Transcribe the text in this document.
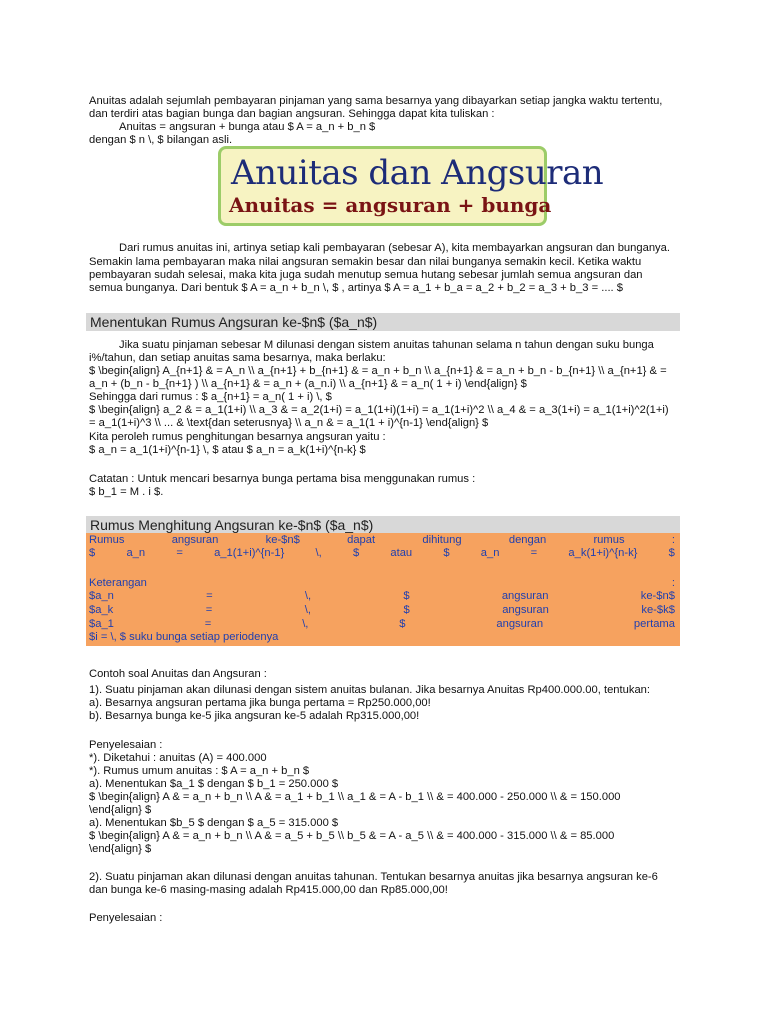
Anuitas adalah sejumlah pembayaran pinjaman yang sama besarnya yang dibayarkan setiap jangka waktu tertentu,
dan terdiri atas bagian bunga dan bagian angsuran. Sehingga dapat kita tuliskan :
Anuitas = angsuran + bunga atau $ A = a_n + b_n $
dengan $ n \, $ bilangan asli.
Anuitas dan Angsuran
Anuitas = angsuran + bunga
Dari rumus anuitas ini, artinya setiap kali pembayaran (sebesar A), kita membayarkan angsuran dan bunganya.
Semakin lama pembayaran maka nilai angsuran semakin besar dan nilai bunganya semakin kecil. Ketika waktu
pembayaran sudah selesai, maka kita juga sudah menutup semua hutang sebesar jumlah semua angsuran dan
semua bunganya. Dari bentuk $ A = a_n + b_n \, $ , artinya $ A = a_1 + b_a = a_2 + b_2 = a_3 + b_3 = .... $
Menentukan Rumus Angsuran ke-$n$ ($a_n$)
Jika suatu pinjaman sebesar M dilunasi dengan sistem anuitas tahunan selama n tahun dengan suku bunga
i%/tahun, dan setiap anuitas sama besarnya, maka berlaku:
$ \begin{align} A_{n+1} & = A_n \\ a_{n+1} + b_{n+1} & = a_n + b_n \\ a_{n+1} & = a_n + b_n - b_{n+1} \\ a_{n+1} & =
a_n + (b_n - b_{n+1} ) \\ a_{n+1} & = a_n + (a_n.i) \\ a_{n+1} & = a_n( 1 + i) \end{align} $
Sehingga dari rumus : $ a_{n+1} = a_n( 1 + i) \, $
$ \begin{align} a_2 & = a_1(1+i) \\ a_3 & = a_2(1+i) = a_1(1+i)(1+i) = a_1(1+i)^2 \\ a_4 & = a_3(1+i) = a_1(1+i)^2(1+i)
= a_1(1+i)^3 \\ ... & \text{dan seterusnya} \\ a_n & = a_1(1 + i)^{n-1} \end{align} $
Kita peroleh rumus penghitungan besarnya angsuran yaitu :
$ a_n = a_1(1+i)^{n-1} \, $ atau $ a_n = a_k(1+i)^{n-k} $
Catatan : Untuk mencari besarnya bunga pertama bisa menggunakan rumus :
$ b_1 = M . i $.
Rumus Menghitung Angsuran ke-$n$ ($a_n$)
Rumus	angsuran	ke-$n$	dapat	dihitung	dengan	rumus	:
$	a_n	=	a_1(1+i)^{n-1}	\,	$	atau	$	a_n	=	a_k(1+i)^{n-k}	$
Keterangan	:
$a_n	=	\,	$	angsuran	ke-$n$
$a_k	=	\,	$	angsuran	ke-$k$
$a_1	=	\,	$	angsuran	pertama
$i = \, $ suku bunga setiap periodenya
Contoh soal Anuitas dan Angsuran :
1). Suatu pinjaman akan dilunasi dengan sistem anuitas bulanan. Jika besarnya Anuitas Rp400.000.00, tentukan:
a). Besarnya angsuran pertama jika bunga pertama = Rp250.000,00!
b). Besarnya bunga ke-5 jika angsuran ke-5 adalah Rp315.000,00!
Penyelesaian :
*). Diketahui : anuitas (A) = 400.000
*). Rumus umum anuitas : $ A = a_n + b_n $
a). Menentukan $a_1 $ dengan $ b_1 = 250.000 $
$ \begin{align} A & = a_n + b_n \\ A & = a_1 + b_1 \\ a_1 & = A - b_1 \\ & = 400.000 - 250.000 \\ & = 150.000
\end{align} $
a). Menentukan $b_5 $ dengan $ a_5 = 315.000 $
$ \begin{align} A & = a_n + b_n \\ A & = a_5 + b_5 \\ b_5 & = A - a_5 \\ & = 400.000 - 315.000 \\ & = 85.000
\end{align} $
2). Suatu pinjaman akan dilunasi dengan anuitas tahunan. Tentukan besarnya anuitas jika besarnya angsuran ke-6
dan bunga ke-6 masing-masing adalah Rp415.000,00 dan Rp85.000,00!
Penyelesaian :
